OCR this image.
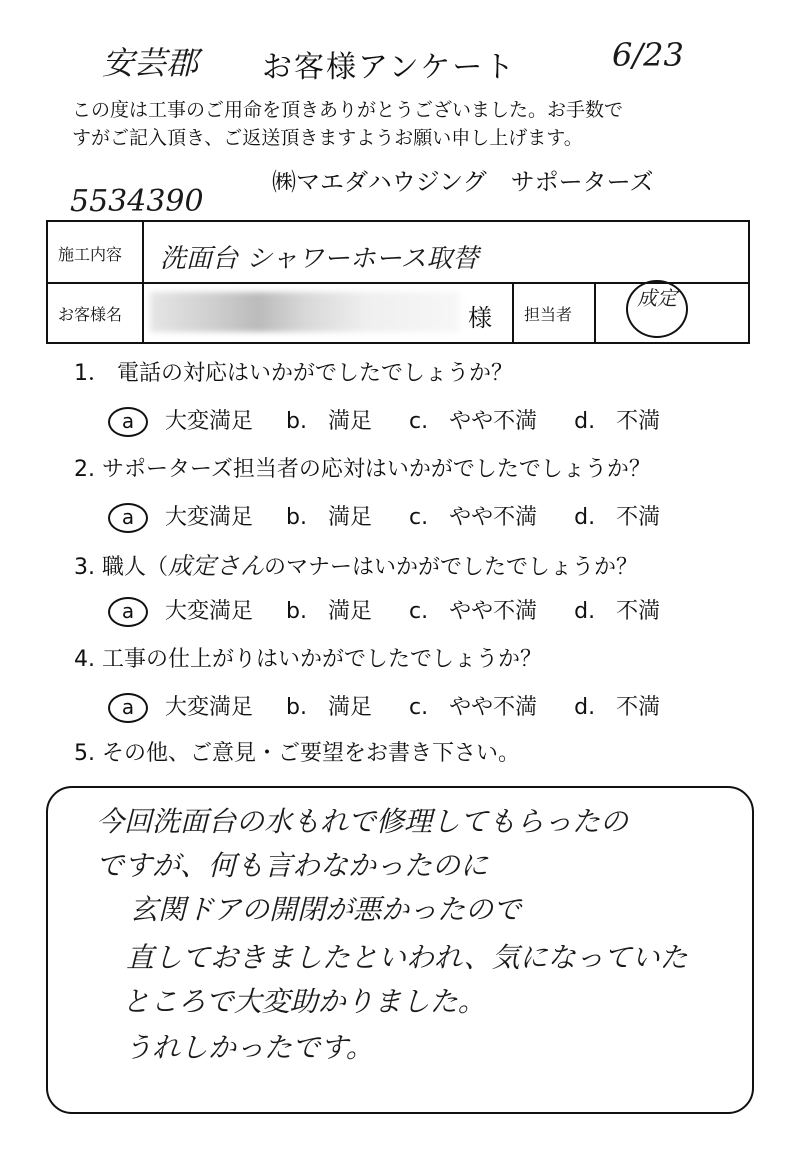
安芸郡 お客様アンケート	6/23
この度は工事のご用命を頂きありがとうございました。お手数で
すがご記入頂き、ご返送頂きますようお願い申し上げます。
㈱マエダハウジング　サポーターズ
5534390
施工内容 洗面台 シャワーホース取替
お客様名	様 担当者
成定
1． 電話の対応はいかがでしたでしょうか？
a 大変満足 b. 満足 c. やや不満 d. 不満
2. サポーターズ担当者の応対はいかがでしたでしょうか？
a 大変満足 b. 満足 c. やや不満 d. 不満
3. 職人（成定さんのマナーはいかがでしたでしょうか？
a 大変満足 b. 満足 c. やや不満 d. 不満
4. 工事の仕上がりはいかがでしたでしょうか？
a 大変満足 b. 満足 c. やや不満 d. 不満
5. その他、ご意見・ご要望をお書き下さい。
今回洗面台の水もれで修理してもらったの
ですが、何も言わなかったのに
玄関ドアの開閉が悪かったので
直しておきましたといわれ、気になっていた
ところで大変助かりました。
うれしかったです。
